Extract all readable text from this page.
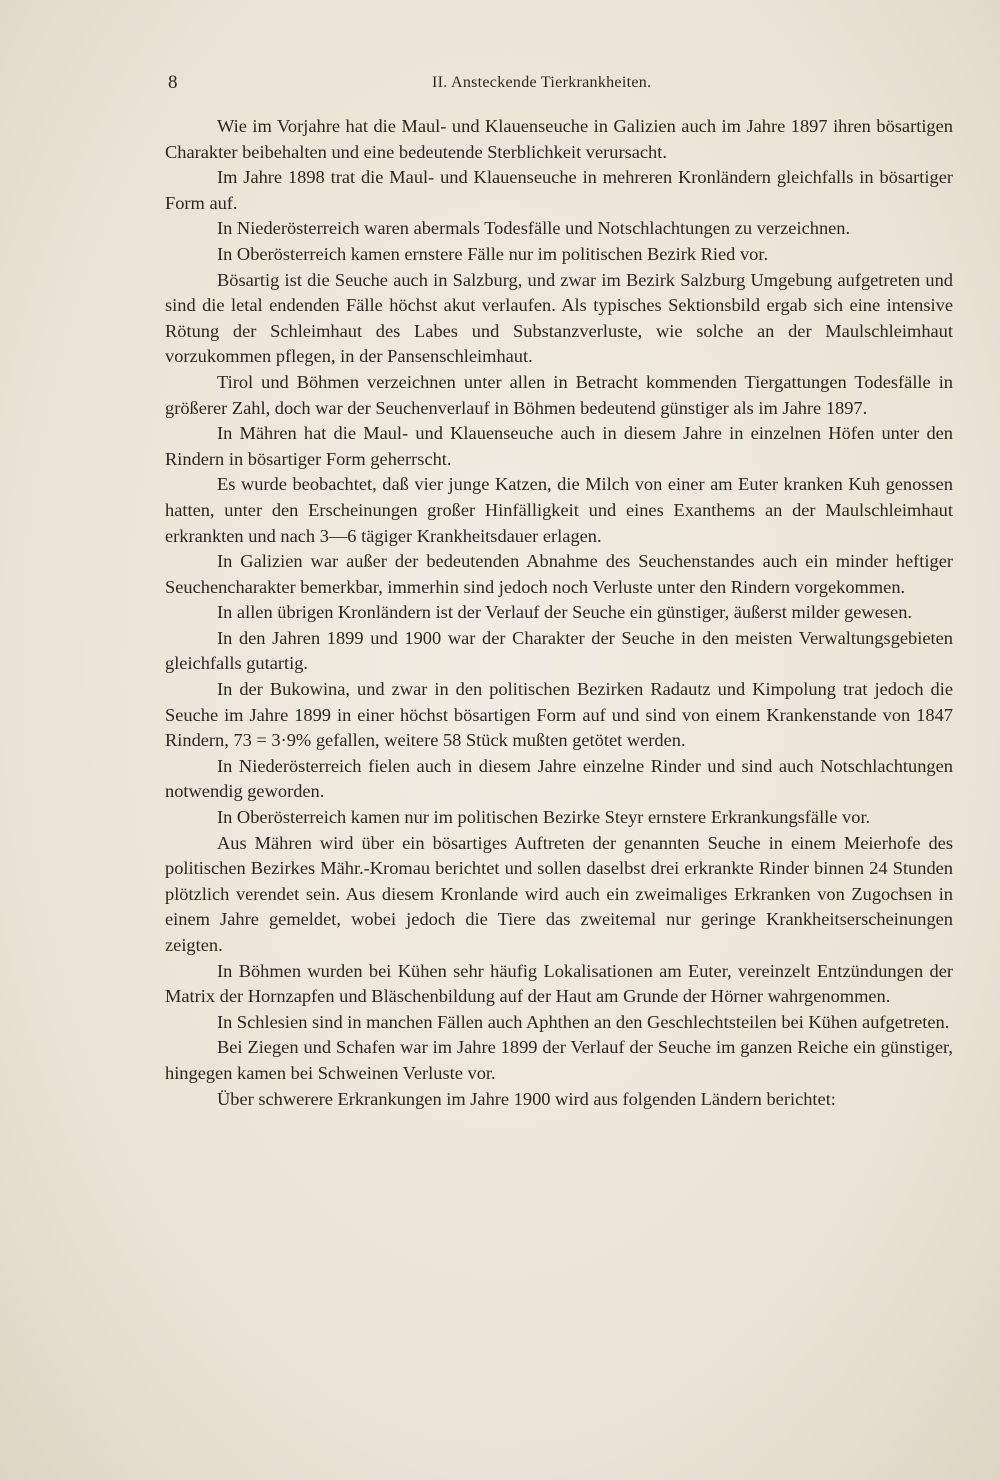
8	II. Ansteckende Tierkrankheiten.

Wie im Vorjahre hat die Maul- und Klauenseuche in Galizien auch im Jahre 1897 ihren bösartigen Charakter beibehalten und eine bedeutende Sterblichkeit verursacht.

Im Jahre 1898 trat die Maul- und Klauenseuche in mehreren Kronländern gleichfalls in bösartiger Form auf.

In Niederösterreich waren abermals Todesfälle und Notschlachtungen zu verzeichnen.

In Oberösterreich kamen ernstere Fälle nur im politischen Bezirk Ried vor.

Bösartig ist die Seuche auch in Salzburg, und zwar im Bezirk Salzburg Umgebung aufgetreten und sind die letal endenden Fälle höchst akut verlaufen. Als typisches Sektionsbild ergab sich eine intensive Rötung der Schleimhaut des Labes und Substanzverluste, wie solche an der Maulschleimhaut vorzukommen pflegen, in der Pansenschleimhaut.

Tirol und Böhmen verzeichnen unter allen in Betracht kommenden Tiergattungen Todesfälle in größerer Zahl, doch war der Seuchenverlauf in Böhmen bedeutend günstiger als im Jahre 1897.

In Mähren hat die Maul- und Klauenseuche auch in diesem Jahre in einzelnen Höfen unter den Rindern in bösartiger Form geherrscht.

Es wurde beobachtet, daß vier junge Katzen, die Milch von einer am Euter kranken Kuh genossen hatten, unter den Erscheinungen großer Hinfälligkeit und eines Exanthems an der Maulschleimhaut erkrankten und nach 3—6 tägiger Krankheitsdauer erlagen.

In Galizien war außer der bedeutenden Abnahme des Seuchenstandes auch ein minder heftiger Seuchencharakter bemerkbar, immerhin sind jedoch noch Verluste unter den Rindern vorgekommen.

In allen übrigen Kronländern ist der Verlauf der Seuche ein günstiger, äußerst milder gewesen.

In den Jahren 1899 und 1900 war der Charakter der Seuche in den meisten Verwaltungsgebieten gleichfalls gutartig.

In der Bukowina, und zwar in den politischen Bezirken Radautz und Kimpolung trat jedoch die Seuche im Jahre 1899 in einer höchst bösartigen Form auf und sind von einem Krankenstande von 1847 Rindern, 73 = 3·9% gefallen, weitere 58 Stück mußten getötet werden.

In Niederösterreich fielen auch in diesem Jahre einzelne Rinder und sind auch Notschlachtungen notwendig geworden.

In Oberösterreich kamen nur im politischen Bezirke Steyr ernstere Erkrankungsfälle vor.

Aus Mähren wird über ein bösartiges Auftreten der genannten Seuche in einem Meierhofe des politischen Bezirkes Mähr.-Kromau berichtet und sollen daselbst drei erkrankte Rinder binnen 24 Stunden plötzlich verendet sein. Aus diesem Kronlande wird auch ein zweimaliges Erkranken von Zugochsen in einem Jahre gemeldet, wobei jedoch die Tiere das zweitemal nur geringe Krankheitserscheinungen zeigten.

In Böhmen wurden bei Kühen sehr häufig Lokalisationen am Euter, vereinzelt Entzündungen der Matrix der Hornzapfen und Bläschenbildung auf der Haut am Grunde der Hörner wahrgenommen.

In Schlesien sind in manchen Fällen auch Aphthen an den Geschlechtsteilen bei Kühen aufgetreten.

Bei Ziegen und Schafen war im Jahre 1899 der Verlauf der Seuche im ganzen Reiche ein günstiger, hingegen kamen bei Schweinen Verluste vor.

Über schwerere Erkrankungen im Jahre 1900 wird aus folgenden Ländern berichtet:
